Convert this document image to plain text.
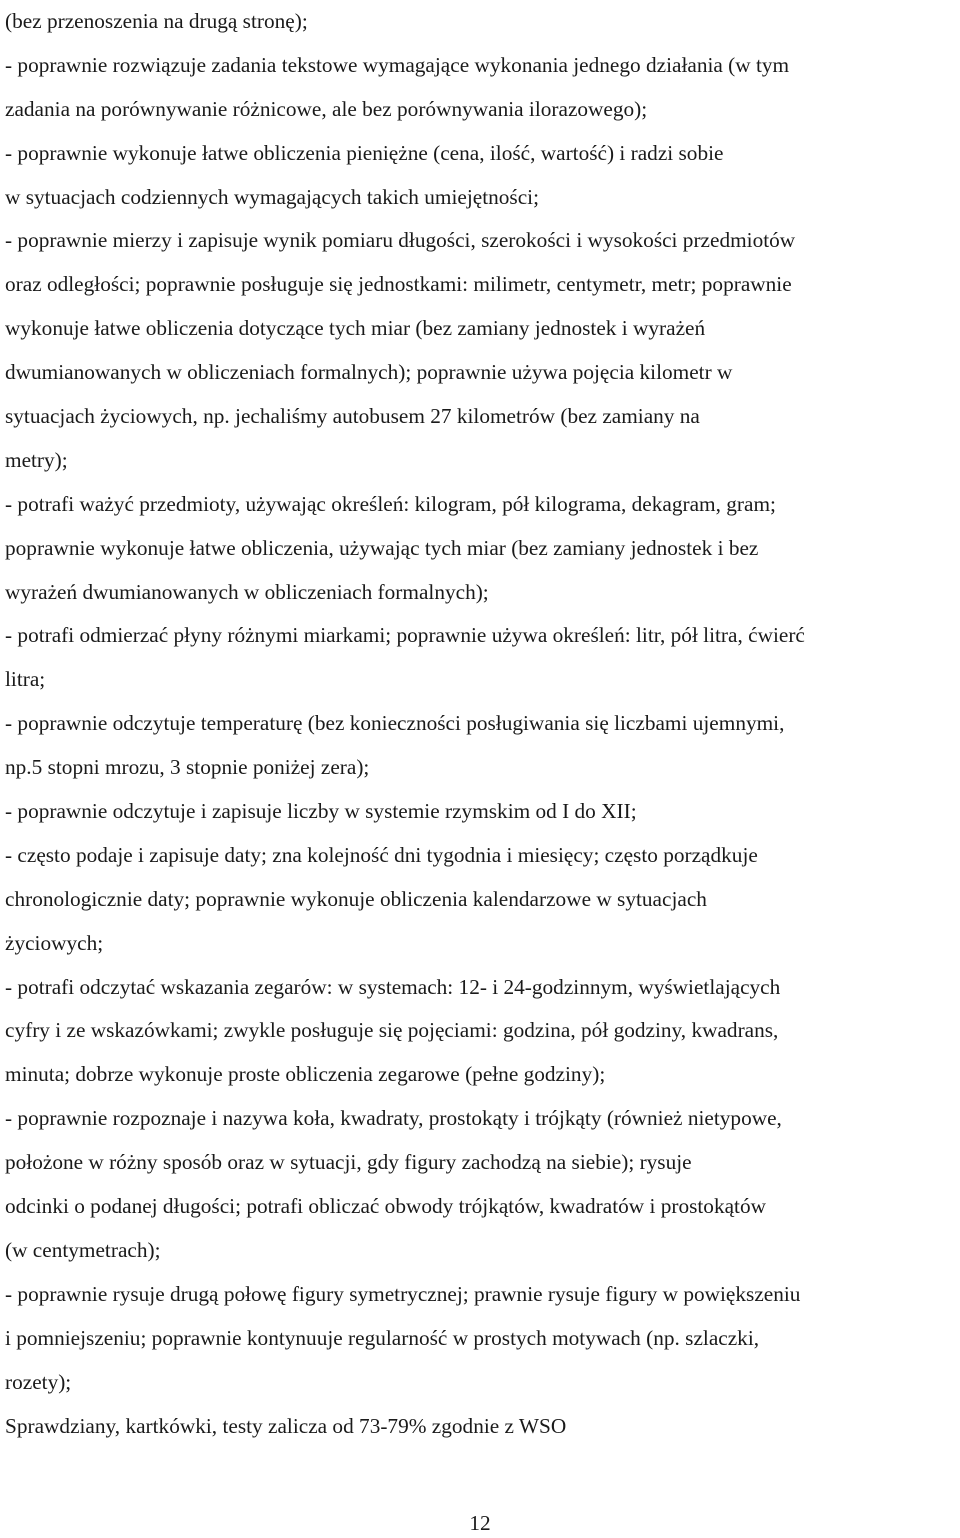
(bez przenoszenia na drugą stronę);

- poprawnie rozwiązuje zadania tekstowe wymagające wykonania jednego działania (w tym

zadania na porównywanie różnicowe, ale bez porównywania ilorazowego);

- poprawnie wykonuje łatwe obliczenia pieniężne (cena, ilość, wartość) i radzi sobie

w sytuacjach codziennych wymagających takich umiejętności;

- poprawnie mierzy i zapisuje wynik pomiaru długości, szerokości i wysokości przedmiotów

oraz odległości; poprawnie posługuje się jednostkami: milimetr, centymetr, metr; poprawnie

wykonuje łatwe obliczenia dotyczące tych miar (bez zamiany jednostek i wyrażeń

dwumianowanych w obliczeniach formalnych); poprawnie używa pojęcia kilometr w

sytuacjach życiowych, np. jechaliśmy autobusem 27 kilometrów (bez zamiany na

metry);

- potrafi ważyć przedmioty, używając określeń: kilogram, pół kilograma, dekagram, gram;

poprawnie wykonuje łatwe obliczenia, używając tych miar (bez zamiany jednostek i bez

wyrażeń dwumianowanych w obliczeniach formalnych);

- potrafi odmierzać płyny różnymi miarkami; poprawnie używa określeń: litr, pół litra, ćwierć

litra;

- poprawnie odczytuje temperaturę (bez konieczności posługiwania się liczbami ujemnymi,

np.5 stopni mrozu, 3 stopnie poniżej zera);

- poprawnie odczytuje i zapisuje liczby w systemie rzymskim od I do XII;

- często podaje i zapisuje daty; zna kolejność dni tygodnia i miesięcy; często porządkuje

chronologicznie daty; poprawnie wykonuje obliczenia kalendarzowe w sytuacjach

życiowych;

- potrafi odczytać wskazania zegarów: w systemach: 12- i 24-godzinnym, wyświetlających

cyfry i ze wskazówkami; zwykle posługuje się pojęciami: godzina, pół godziny, kwadrans,

minuta; dobrze wykonuje proste obliczenia zegarowe (pełne godziny);

- poprawnie rozpoznaje i nazywa koła, kwadraty, prostokąty i trójkąty (również nietypowe,

położone w różny sposób oraz w sytuacji, gdy figury zachodzą na siebie); rysuje

odcinki o podanej długości; potrafi obliczać obwody trójkątów, kwadratów i prostokątów

(w centymetrach);

- poprawnie rysuje drugą połowę figury symetrycznej; prawnie rysuje figury w powiększeniu

i pomniejszeniu; poprawnie kontynuuje regularność w prostych motywach (np. szlaczki,

rozety);

Sprawdziany, kartkówki, testy zalicza od 73-79% zgodnie z WSO

12
